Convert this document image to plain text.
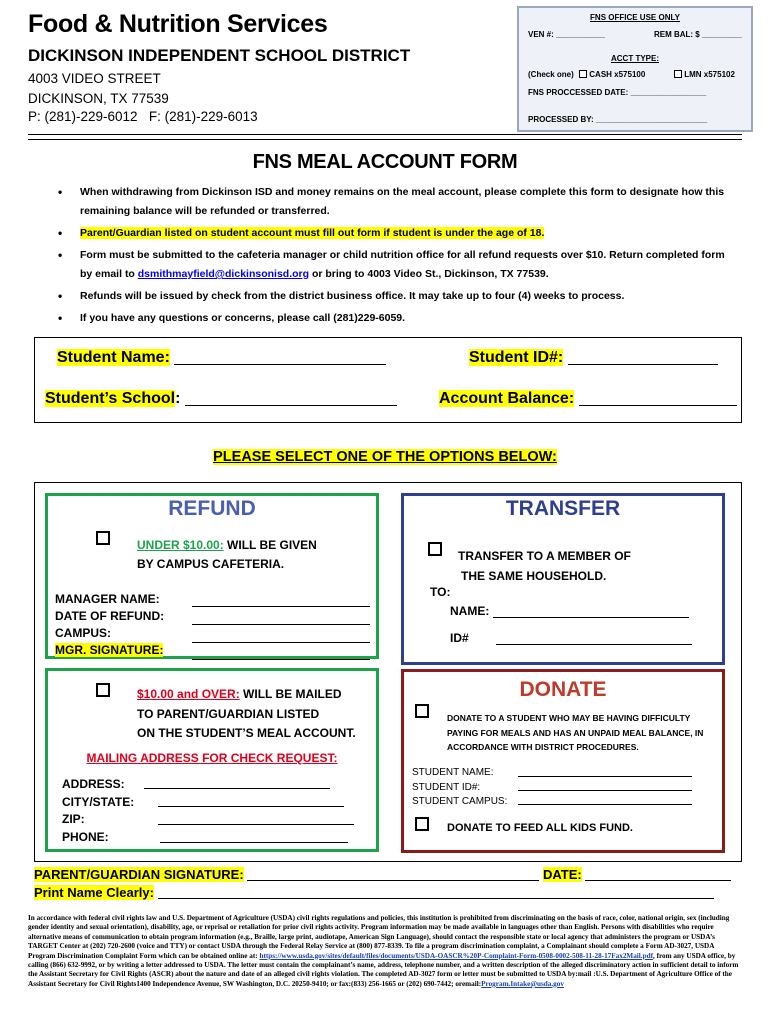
Food & Nutrition Services
DICKINSON INDEPENDENT SCHOOL DISTRICT
4003 VIDEO STREET
DICKINSON, TX 77539
P: (281)-229-6012   F: (281)-229-6013
FNS OFFICE USE ONLY
VEN #: ___________	REM BAL: $ _________
ACCT TYPE:
(Check one) CASH x575100	LMN x575102
FNS PROCCESSED DATE: _________________
PROCESSED BY: _________________________
FNS MEAL ACCOUNT FORM
• When withdrawing from Dickinson ISD and money remains on the meal account, please complete this form to designate how this remaining balance will be refunded or transferred.
• Parent/Guardian listed on student account must fill out form if student is under the age of 18.
• Form must be submitted to the cafeteria manager or child nutrition office for all refund requests over $10. Return completed form by email to dsmithmayfield@dickinsonisd.org or bring to 4003 Video St., Dickinson, TX 77539.
• Refunds will be issued by check from the district business office. It may take up to four (4) weeks to process.
• If you have any questions or concerns, please call (281)229-6059.
Student Name:	Student ID#:
Student’s School:	Account Balance:
PLEASE SELECT ONE OF THE OPTIONS BELOW:
REFUND
UNDER $10.00: WILL BE GIVEN
BY CAMPUS CAFETERIA.
MANAGER NAME:
DATE OF REFUND:
CAMPUS:
MGR. SIGNATURE:
TRANSFER
TRANSFER TO A MEMBER OF
THE SAME HOUSEHOLD.
TO:
NAME:
ID#
$10.00 and OVER: WILL BE MAILED
TO PARENT/GUARDIAN LISTED
ON THE STUDENT’S MEAL ACCOUNT.
MAILING ADDRESS FOR CHECK REQUEST:
ADDRESS:
CITY/STATE:
ZIP:
PHONE:
DONATE
DONATE TO A STUDENT WHO MAY BE HAVING DIFFICULTY
PAYING FOR MEALS AND HAS AN UNPAID MEAL BALANCE, IN
ACCORDANCE WITH DISTRICT PROCEDURES.
STUDENT NAME:
STUDENT ID#:
STUDENT CAMPUS:
DONATE TO FEED ALL KIDS FUND.
PARENT/GUARDIAN SIGNATURE:	DATE:
Print Name Clearly:
In accordance with federal civil rights law and U.S. Department of Agriculture (USDA) civil rights regulations and policies, this institution is prohibited from discriminating on the basis of race, color, national origin, sex (including gender identity and sexual orientation), disability, age, or reprisal or retaliation for prior civil rights activity. Program information may be made available in languages other than English. Persons with disabilities who require alternative means of communication to obtain program information (e.g., Braille, large print, audiotape, American Sign Language), should contact the responsible state or local agency that administers the program or USDA’s TARGET Center at (202) 720-2600 (voice and TTY) or contact USDA through the Federal Relay Service at (800) 877-8339. To file a program discrimination complaint, a Complainant should complete a Form AD-3027, USDA Program Discrimination Complaint Form which can be obtained online at: https://www.usda.gov/sites/default/files/documents/USDA-OASCR%20P-Complaint-Form-0508-0002-508-11-28-17Fax2Mail.pdf, from any USDA office, by calling (866) 632-9992, or by writing a letter addressed to USDA. The letter must contain the complainant’s name, address, telephone number, and a written description of the alleged discriminatory action in sufficient detail to inform the Assistant Secretary for Civil Rights (ASCR) about the nature and date of an alleged civil rights violation. The completed AD-3027 form or letter must be submitted to USDA by:mail :U.S. Department of Agriculture Office of the Assistant Secretary for Civil Rights1400 Independence Avenue, SW Washington, D.C. 20250-9410; or fax:(833) 256-1665 or (202) 690-7442; oremail:Program.Intake@usda.gov
